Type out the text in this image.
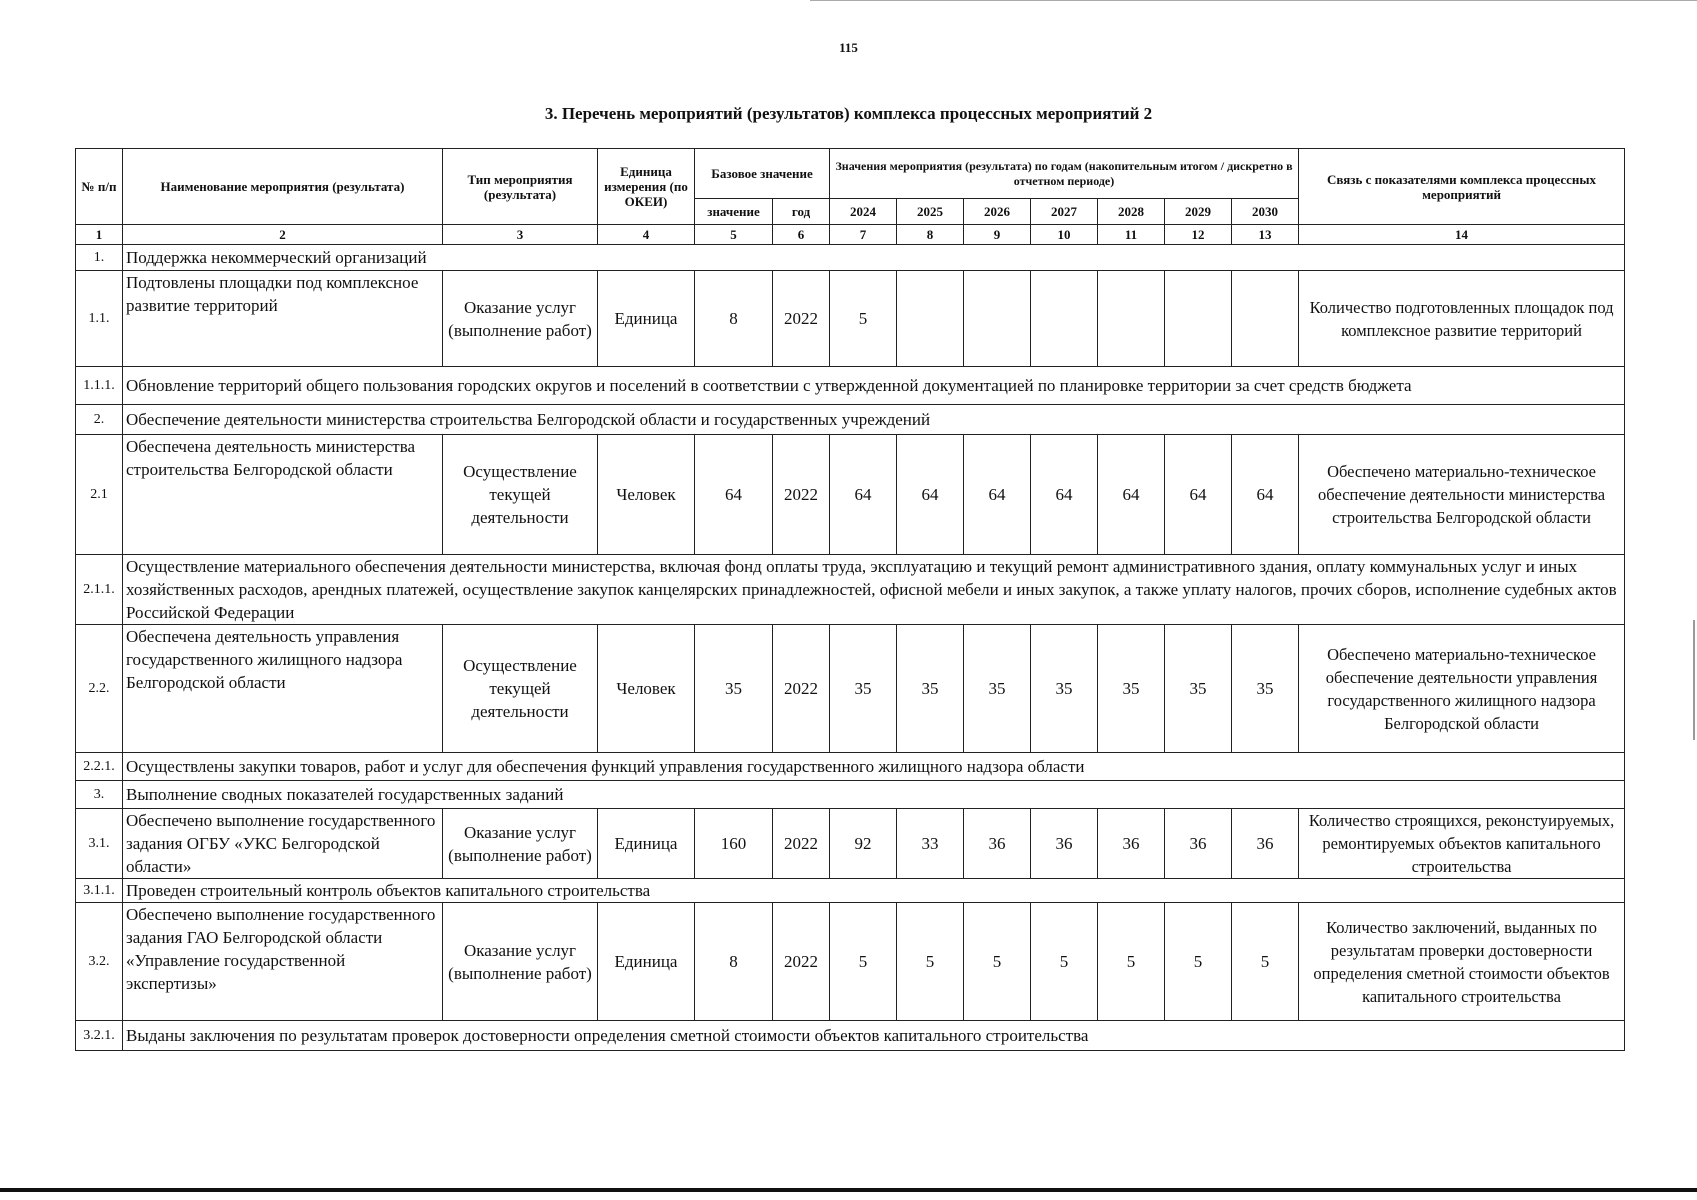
115
3. Перечень мероприятий (результатов) комплекса процессных мероприятий 2
№ п/п	Наименование мероприятия (результата)	Тип мероприятия (результата)	Единица измерения (по ОКЕИ)	Базовое значение		Значения мероприятия (результата) по годам (накопительным итогом / дискретно в отчетном периоде)							Связь с показателями комплекса процессных мероприятий
				значение	год	2024	2025	2026	2027	2028	2029	2030	
1	2	3	4	5	6	7	8	9	10	11	12	13	14
1.	Поддержка некоммерческий организаций												
1.1.	Подтовлены площадки под комплексное развитие территорий	Оказание услуг (выполнение работ)	Единица	8	2022	5							Количество подготовленных площадок под комплексное развитие территорий
1.1.1.	Обновление территорий общего пользования городских округов и поселений в соответствии с утвержденной документацией по планировке территории за счет средств бюджета												
2.	Обеспечение деятельности министерства строительства Белгородской области и государственных учреждений												
2.1	Обеспечена деятельность министерства строительства Белгородской области	Осуществление текущей деятельности	Человек	64	2022	64	64	64	64	64	64	64	Обеспечено материально-техническое обеспечение деятельности министерства строительства Белгородской области
2.1.1.	Осуществление материального обеспечения деятельности министерства, включая фонд оплаты труда, эксплуатацию и текущий ремонт административного здания, оплату коммунальных услуг и иных хозяйственных расходов, арендных платежей, осуществление закупок канцелярских принадлежностей, офисной мебели и иных закупок, а также уплату налогов, прочих сборов, исполнение судебных актов Российской Федерации												
2.2.	Обеспечена деятельность управления государственного жилищного надзора Белгородской области	Осуществление текущей деятельности	Человек	35	2022	35	35	35	35	35	35	35	Обеспечено материально-техническое обеспечение деятельности управления государственного жилищного надзора Белгородской области
2.2.1.	Осуществлены закупки товаров, работ и услуг для обеспечения функций управления государственного жилищного надзора области												
3.	Выполнение сводных показателей государственных заданий												
3.1.	Обеспечено выполнение государственного задания ОГБУ «УКС Белгородской области»	Оказание услуг (выполнение работ)	Единица	160	2022	92	33	36	36	36	36	36	Количество строящихся, реконстуируемых, ремонтируемых объектов капитального строительства
3.1.1.	Проведен строительный контроль объектов капитального строительства												
3.2.	Обеспечено выполнение государственного задания ГАО Белгородской области «Управление государственной экспертизы»	Оказание услуг (выполнение работ)	Единица	8	2022	5	5	5	5	5	5	5	Количество заключений, выданных по результатам проверки достоверности определения сметной стоимости объектов капитального строительства
3.2.1.	Выданы заключения по результатам проверок достоверности определения сметной стоимости объектов капитального строительства												
